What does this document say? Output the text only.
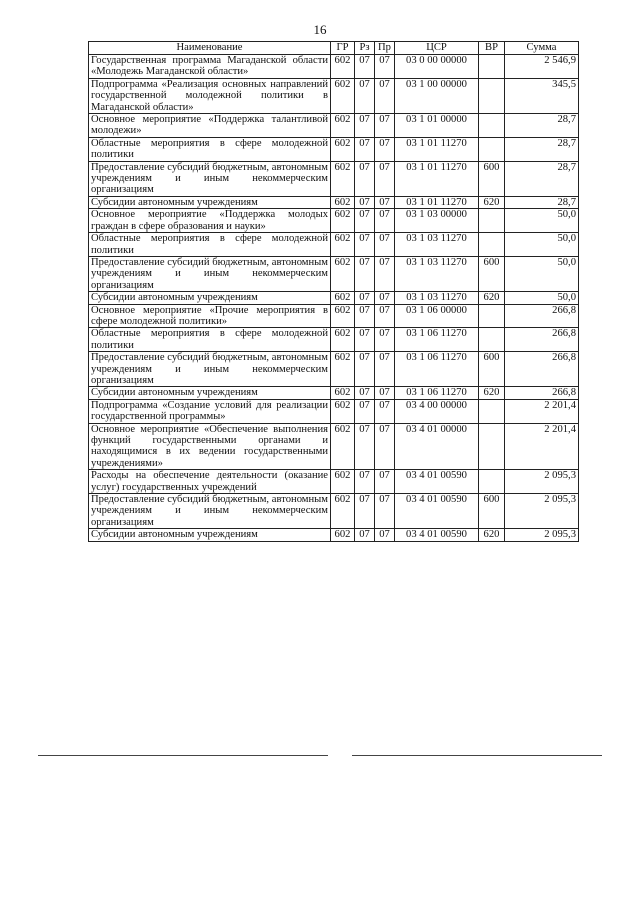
16
Наименование	ГР	Рз	Пр	ЦСР	ВР	Сумма
Государственная программа Магаданской области «Молодежь Магаданской области»	602	07	07	03 0 00 00000		2 546,9
Подпрограмма «Реализация основных направлений государственной молодежной политики в Магаданской области»	602	07	07	03 1 00 00000		345,5
Основное мероприятие «Поддержка талантливой молодежи»	602	07	07	03 1 01 00000		28,7
Областные мероприятия в сфере молодежной политики	602	07	07	03 1 01 11270		28,7
Предоставление субсидий бюджетным, автономным учреждениям и иным некоммерческим организациям	602	07	07	03 1 01 11270	600	28,7
Субсидии автономным учреждениям	602	07	07	03 1 01 11270	620	28,7
Основное мероприятие «Поддержка молодых граждан в сфере образования и науки»	602	07	07	03 1 03 00000		50,0
Областные мероприятия в сфере молодежной политики	602	07	07	03 1 03 11270		50,0
Предоставление субсидий бюджетным, автономным учреждениям и иным некоммерческим организациям	602	07	07	03 1 03 11270	600	50,0
Субсидии автономным учреждениям	602	07	07	03 1 03 11270	620	50,0
Основное мероприятие «Прочие мероприятия в сфере молодежной политики»	602	07	07	03 1 06 00000		266,8
Областные мероприятия в сфере молодежной политики	602	07	07	03 1 06 11270		266,8
Предоставление субсидий бюджетным, автономным учреждениям и иным некоммерческим организациям	602	07	07	03 1 06 11270	600	266,8
Субсидии автономным учреждениям	602	07	07	03 1 06 11270	620	266,8
Подпрограмма «Создание условий для реализации государственной программы»	602	07	07	03 4 00 00000		2 201,4
Основное мероприятие «Обеспечение выполнения функций государственными органами и находящимися в их ведении государственными учреждениями»	602	07	07	03 4 01 00000		2 201,4
Расходы на обеспечение деятельности (оказание услуг) государственных учреждений	602	07	07	03 4 01 00590		2 095,3
Предоставление субсидий бюджетным, автономным учреждениям и иным некоммерческим организациям	602	07	07	03 4 01 00590	600	2 095,3
Субсидии автономным учреждениям	602	07	07	03 4 01 00590	620	2 095,3
